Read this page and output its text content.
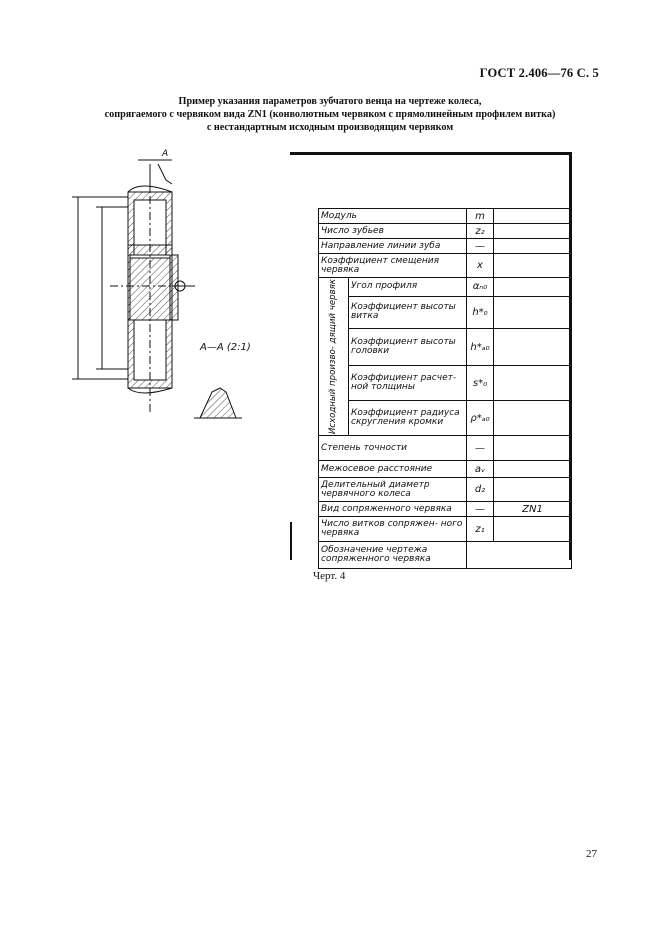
ГОСТ 2.406—76 С. 5
Пример указания параметров зубчатого венца на чертеже колеса,
сопрягаемого с червяком вида ZN1 (конволютным червяком с прямолинейным профилем витка)
с нестандартным исходным производящим червяком
А
А—А (2:1)
Модуль		m	
Число зубьев		z₂	
Направление линии зуба		—	
Коэффициент смещения червяка		x	

Исходный произво- дящий червяк	Угол профиля	αₙ₀	
	Коэффициент высоты витка	h*₀	
	Коэффициент высоты головки	h*ₐ₀	
	Коэффициент расчет- ной толщины	s*₀	
	Коэффициент радиуса скругления кромки	ρ*ₐ₀	
Степень точности		—	
Межосевое расстояние		aᵥ	
Делительный диаметр червячного колеса		d₂	
Вид сопряженного червяка		—	ZN1
Число витков сопряжен- ного червяка		z₁	
Обозначение чертежа сопряженного червяка			
Черт. 4
27
